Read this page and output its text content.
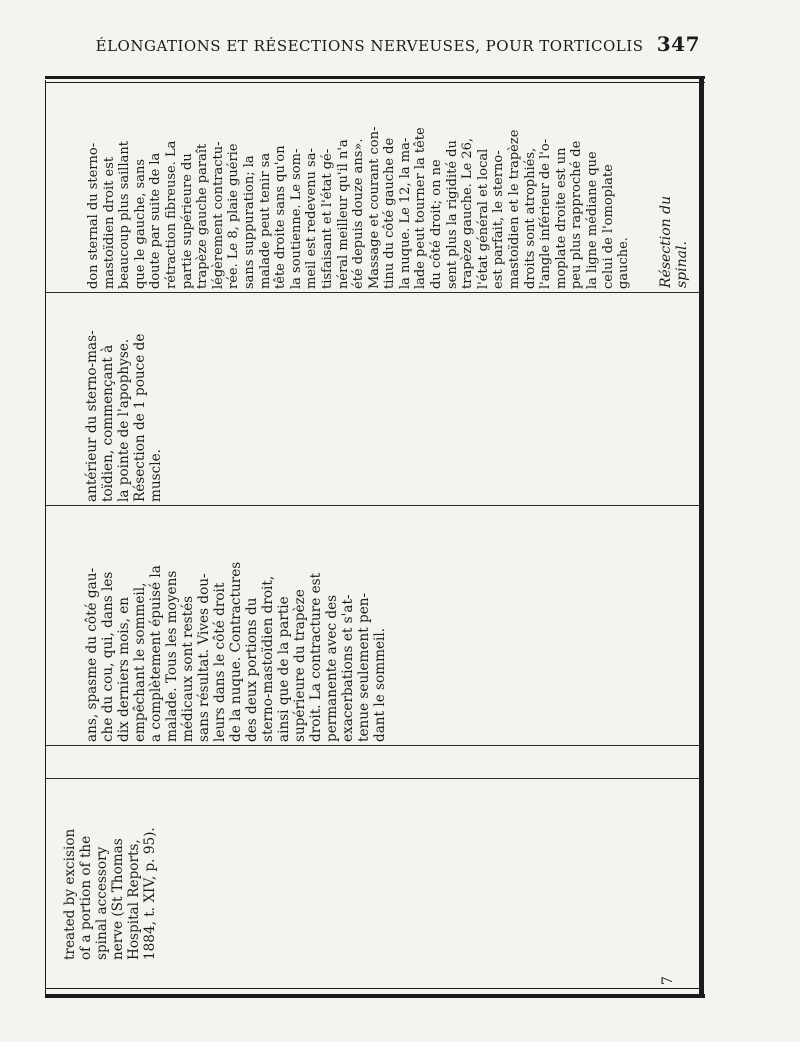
ÉLONGATIONS ET RÉSECTIONS NERVEUSES, POUR TORTICOLIS 347
treated by excision
of a portion of the
spinal accessory
nerve (St Thomas
Hospital Reports,
1884, t. XIV, p. 95).
ans, spasme du côté gau-
che du cou, qui, dans les
dix derniers mois, en
empêchant le sommeil,
a complètement épuisé la
malade. Tous les moyens
médicaux sont restés
sans résultat. Vives dou-
leurs dans le côté droit
de la nuque. Contractures
des deux portions du
sterno-mastoïdien droit,
ainsi que de la partie
supérieure du trapèze
droit. La contracture est
permanente avec des
exacerbations et s'at-
tenue seulement pen-
dant le sommeil.
antérieur du sterno-mas-
toïdien, commençant à
la pointe de l'apophyse.
Résection de 1 pouce de
muscle.
don sternal du sterno-
mastoïdien droit est
beaucoup plus saillant
que le gauche, sans
doute par suite de la
rétraction fibreuse. La
partie supérieure du
trapèze gauche paraît
légèrement contractu-
rée. Le 8, plaie guérie
sans suppuration; la
malade peut tenir sa
tête droite sans qu'on
la soutienne. Le som-
meil est redevenu sa-
tisfaisant et l'état gé-
néral meilleur qu'il n'a
été depuis douze ans».
Massage et courant con-
tinu du côté gauche de
la nuque. Le 12, la ma-
lade peut tourner la tête
du côté droit; on ne
sent plus la rigidité du
trapèze gauche. Le 26,
l'état général et local
est parfait, le sterno-
mastoïdien et le trapèze
droits sont atrophiés,
l'angle inférieur de l'o-
moplate droite est un
peu plus rapproché de
la ligne médiane que
celui de l'omoplate
gauche. Résection du spinal.
7
